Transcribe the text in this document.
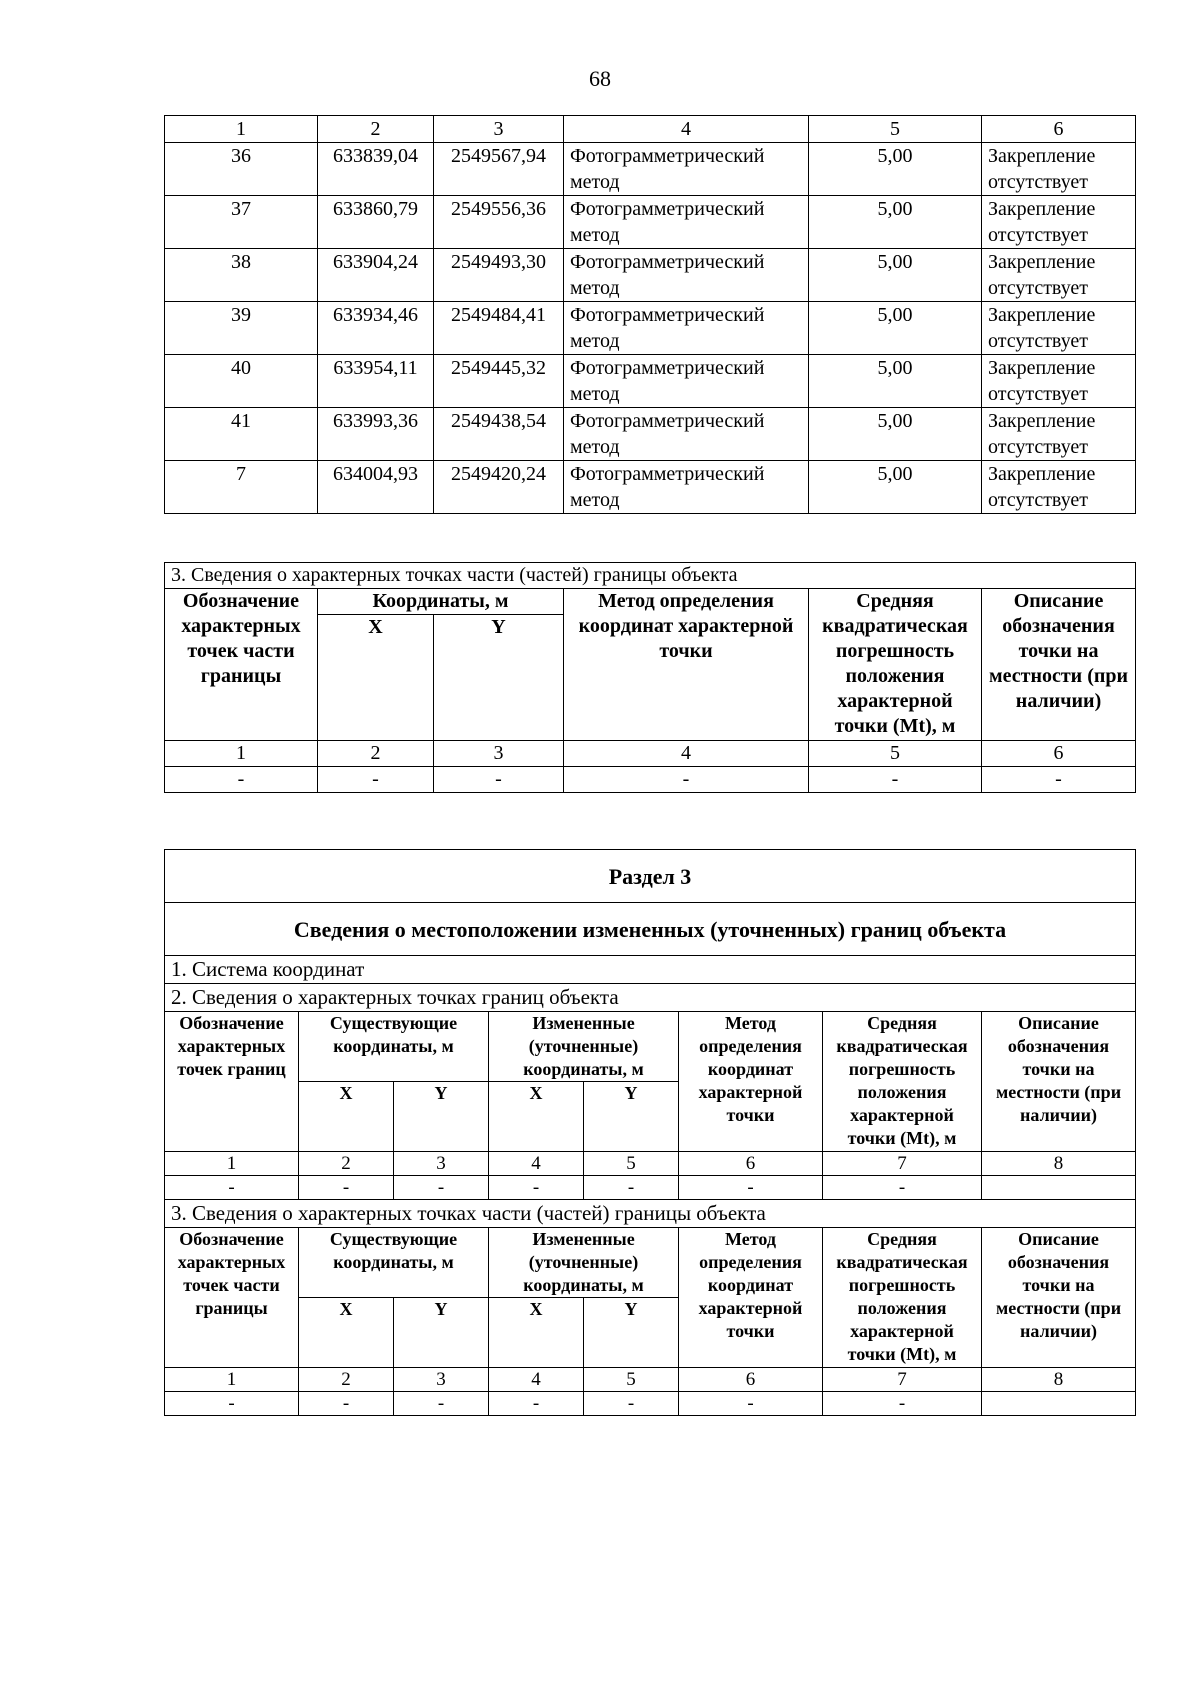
68
1	2	3	4	5	6
36	633839,04	2549567,94	Фотограмметрический метод	5,00	Закрепление отсутствует
37	633860,79	2549556,36	Фотограмметрический метод	5,00	Закрепление отсутствует
38	633904,24	2549493,30	Фотограмметрический метод	5,00	Закрепление отсутствует
39	633934,46	2549484,41	Фотограмметрический метод	5,00	Закрепление отсутствует
40	633954,11	2549445,32	Фотограмметрический метод	5,00	Закрепление отсутствует
41	633993,36	2549438,54	Фотограмметрический метод	5,00	Закрепление отсутствует
7	634004,93	2549420,24	Фотограмметрический метод	5,00	Закрепление отсутствует
3. Сведения о характерных точках части (частей) границы объекта					
Обозначение характерных точек части границы	Координаты, м		Метод определения координат характерной точки	Средняя квадратическая погрешность положения характерной точки (Mt), м	Описание обозначения точки на местности (при наличии)
	X	Y			
1	2	3	4	5	6
-	-	-	-	-	-
Раздел 3							
Сведения о местоположении измененных (уточненных) границ объекта							
1. Система координат							
2. Сведения о характерных точках границ объекта							
Обозначение характерных точек границ	Существующие координаты, м		Измененные (уточненные) координаты, м		Метод определения координат характерной точки	Средняя квадратическая погрешность положения характерной точки (Mt), м	Описание обозначения точки на местности (при наличии)
	X	Y	X	Y			
1	2	3	4	5	6	7	8
-	-	-	-	-	-	-	
3. Сведения о характерных точках части (частей) границы объекта							
Обозначение характерных точек части границы	Существующие координаты, м		Измененные (уточненные) координаты, м		Метод определения координат характерной точки	Средняя квадратическая погрешность положения характерной точки (Mt), м	Описание обозначения точки на местности (при наличии)
	X	Y	X	Y			
1	2	3	4	5	6	7	8
-	-	-	-	-	-	-	
